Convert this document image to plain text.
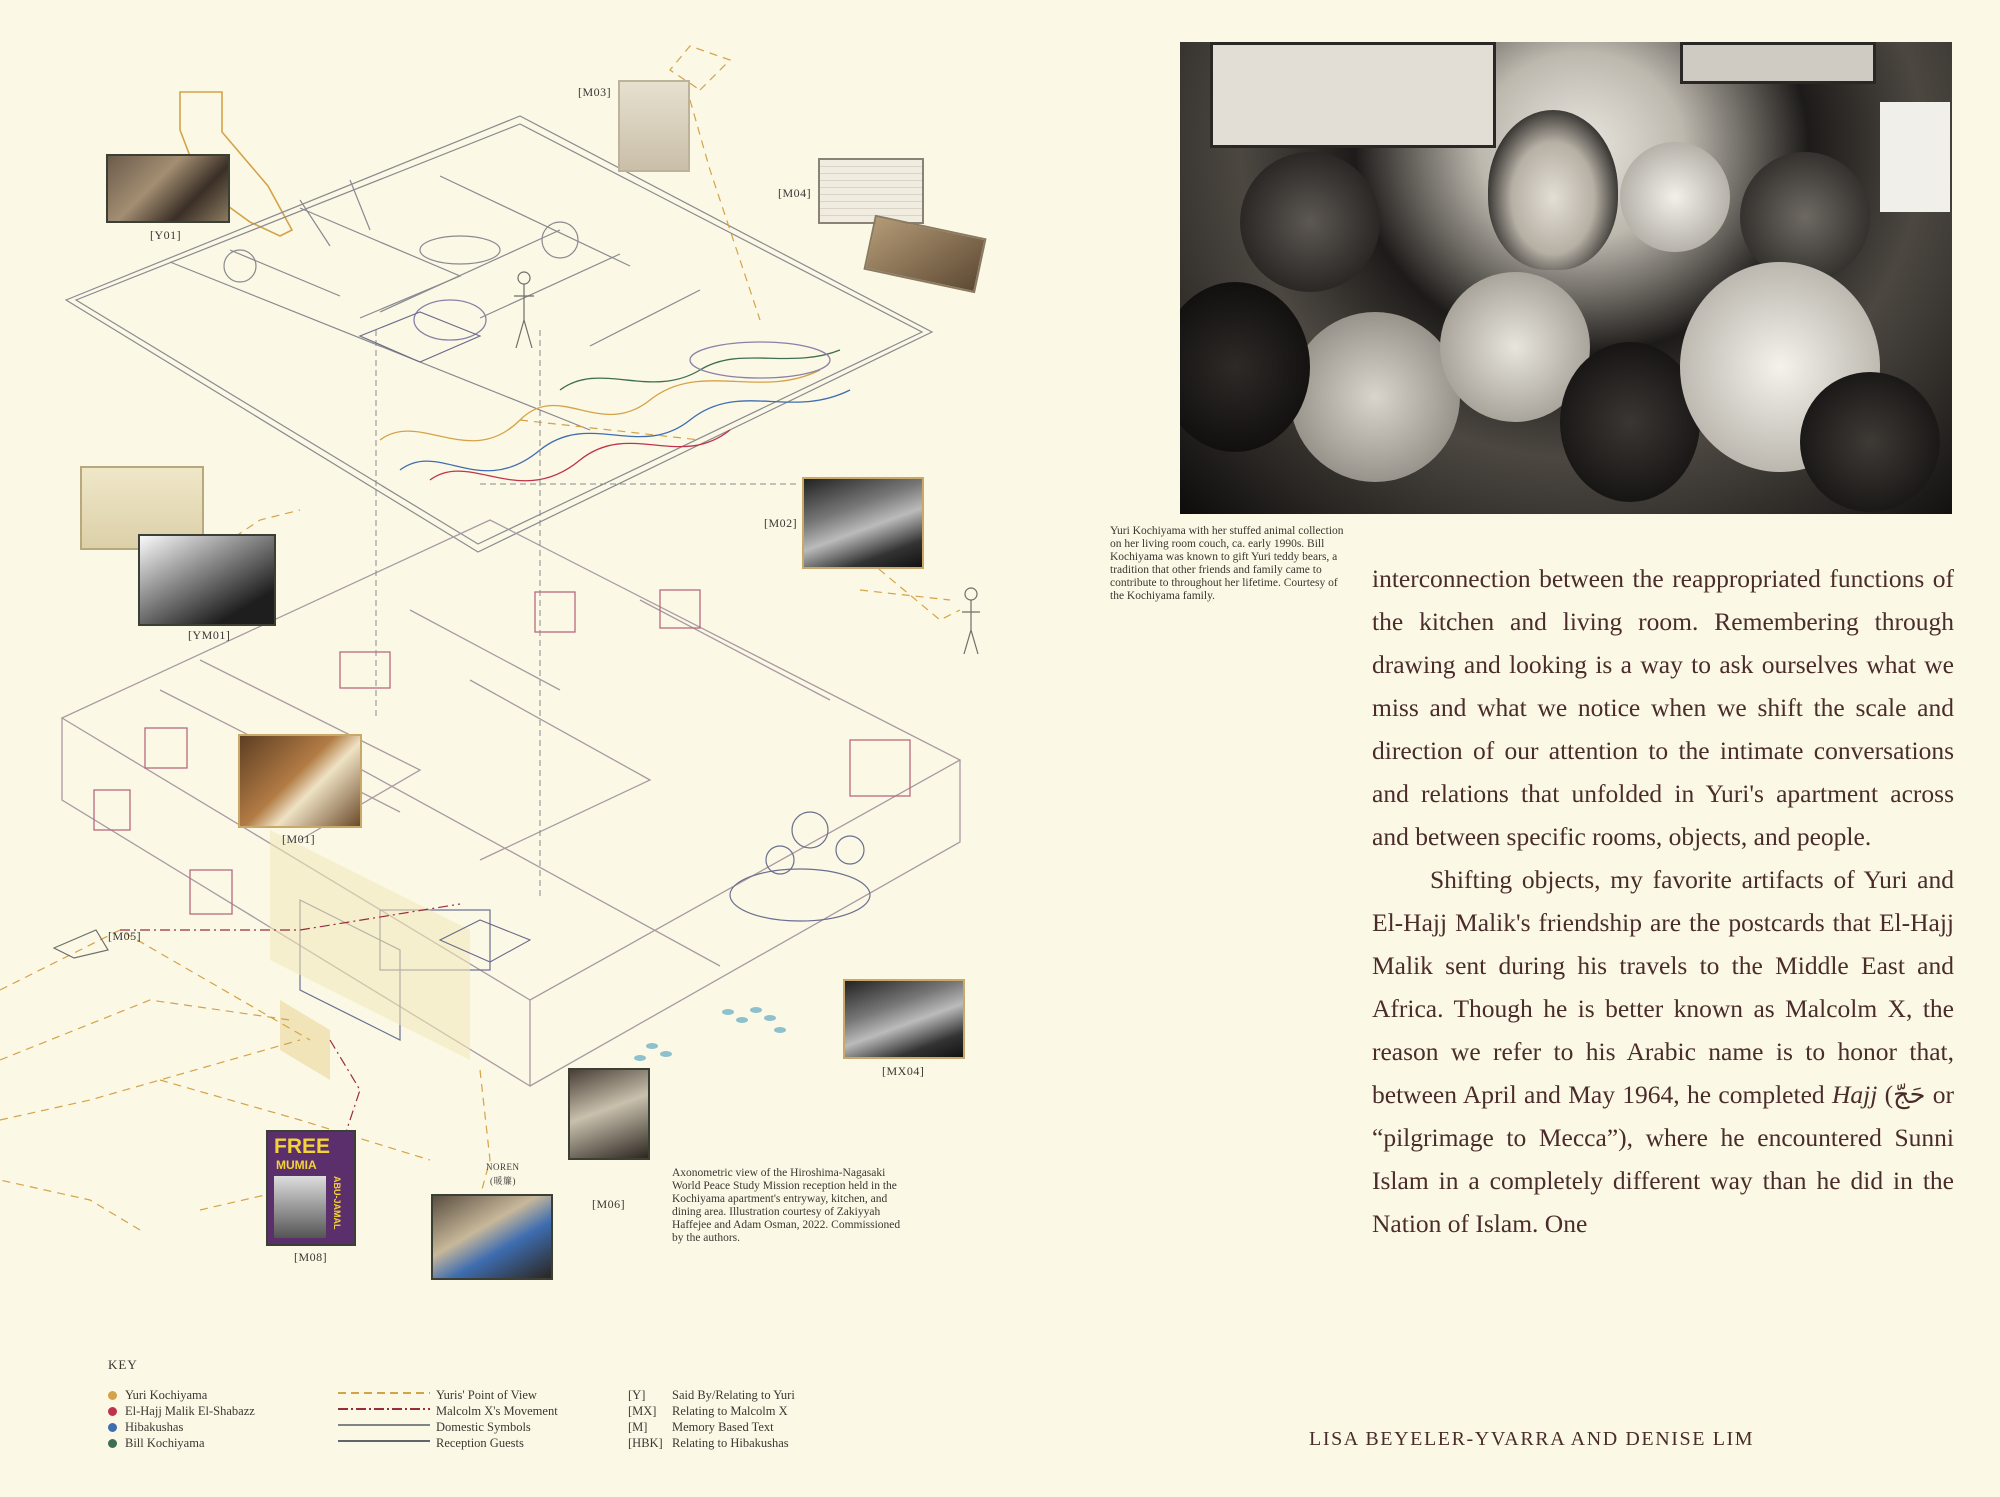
[Y01]
[M03]
[M04]
[YM01]
[M02]
[M01]
[M05]
[MX04]
[M06]
NOREN
(暖簾)
FREE
MUMIA
ABU-JAMAL
[M08]
Axonometric view of the Hiroshima-Nagasaki World Peace Study Mission reception held in the Kochiyama apartment's entryway, kitchen, and dining area. Illustration courtesy of Zakiyyah Haffejee and Adam Osman, 2022. Commissioned by the authors.
KEY
Yuri Kochiyama
El-Hajj Malik El-Shabazz
Hibakushas
Bill Kochiyama
Yuris' Point of View
Malcolm X's Movement
Domestic Symbols
Reception Guests
[Y] Said By/Relating to Yuri
[MX] Relating to Malcolm X
[M] Memory Based Text
[HBK] Relating to Hibakushas
Yuri Kochiyama with her stuffed animal collection on her living room couch, ca. early 1990s. Bill Kochiyama was known to gift Yuri teddy bears, a tradition that other friends and family came to contribute to throughout her lifetime. Courtesy of the Kochiyama family.

interconnection between the reappropriated functions of the kitchen and living room. Remembering through drawing and looking is a way to ask ourselves what we miss and what we notice when we shift the scale and direction of our attention to the intimate conversations and relations that unfolded in Yuri's apartment across and between specific rooms, objects, and people.

Shifting objects, my favorite artifacts of Yuri and El-Hajj Malik's friendship are the postcards that El-Hajj Malik sent during his travels to the Middle East and Africa. Though he is better known as Malcolm X, the reason we refer to his Arabic name is to honor that, between April and May 1964, he completed Hajj (حَجّ or “pilgrimage to Mecca”), where he encountered Sunni Islam in a completely different way than he did in the Nation of Islam. One

LISA BEYELER-YVARRA AND DENISE LIM
